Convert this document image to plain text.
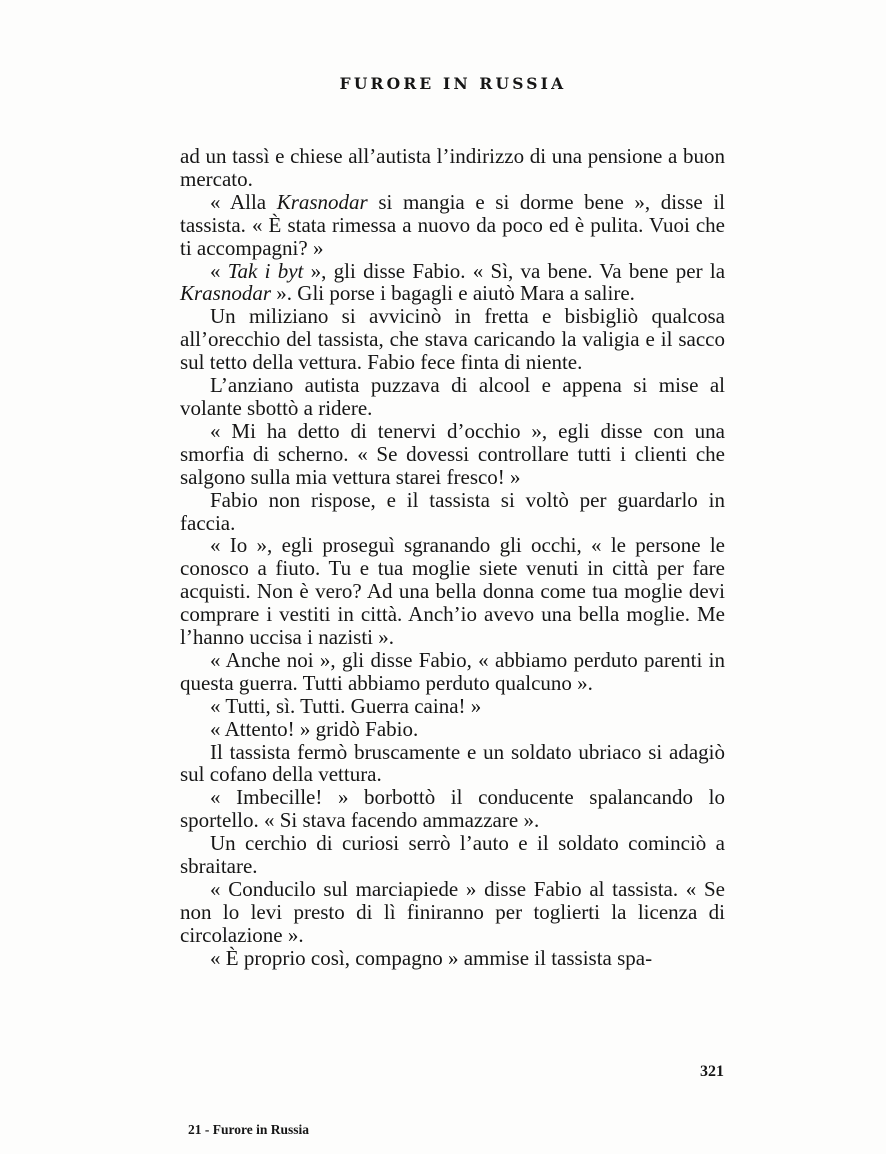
FURORE IN RUSSIA

ad un tassì e chiese all’autista l’indirizzo di una pensione a buon mercato.

« Alla Krasnodar si mangia e si dorme bene », disse il tassista. « È stata rimessa a nuovo da poco ed è pulita. Vuoi che ti accompagni? »

« Tak i byt », gli disse Fabio. « Sì, va bene. Va bene per la Krasnodar ». Gli porse i bagagli e aiutò Mara a salire.

Un miliziano si avvicinò in fretta e bisbigliò qualcosa all’orecchio del tassista, che stava caricando la valigia e il sacco sul tetto della vettura. Fabio fece finta di niente.

L’anziano autista puzzava di alcool e appena si mise al volante sbottò a ridere.

« Mi ha detto di tenervi d’occhio », egli disse con una smorfia di scherno. « Se dovessi controllare tutti i clienti che salgono sulla mia vettura starei fresco! »

Fabio non rispose, e il tassista si voltò per guardarlo in faccia.

« Io », egli proseguì sgranando gli occhi, « le persone le conosco a fiuto. Tu e tua moglie siete venuti in città per fare acquisti. Non è vero? Ad una bella donna come tua moglie devi comprare i vestiti in città. Anch’io avevo una bella moglie. Me l’hanno uccisa i nazisti ».

« Anche noi », gli disse Fabio, « abbiamo perduto parenti in questa guerra. Tutti abbiamo perduto qualcuno ».

« Tutti, sì. Tutti. Guerra caina! »

« Attento! » gridò Fabio.

Il tassista fermò bruscamente e un soldato ubriaco si adagiò sul cofano della vettura.

« Imbecille! » borbottò il conducente spalancando lo sportello. « Si stava facendo ammazzare ».

Un cerchio di curiosi serrò l’auto e il soldato cominciò a sbraitare.

« Conducilo sul marciapiede » disse Fabio al tassista. « Se non lo levi presto di lì finiranno per toglierti la licenza di circolazione ».

« È proprio così, compagno » ammise il tassista spa-

321
21 - Furore in Russia
